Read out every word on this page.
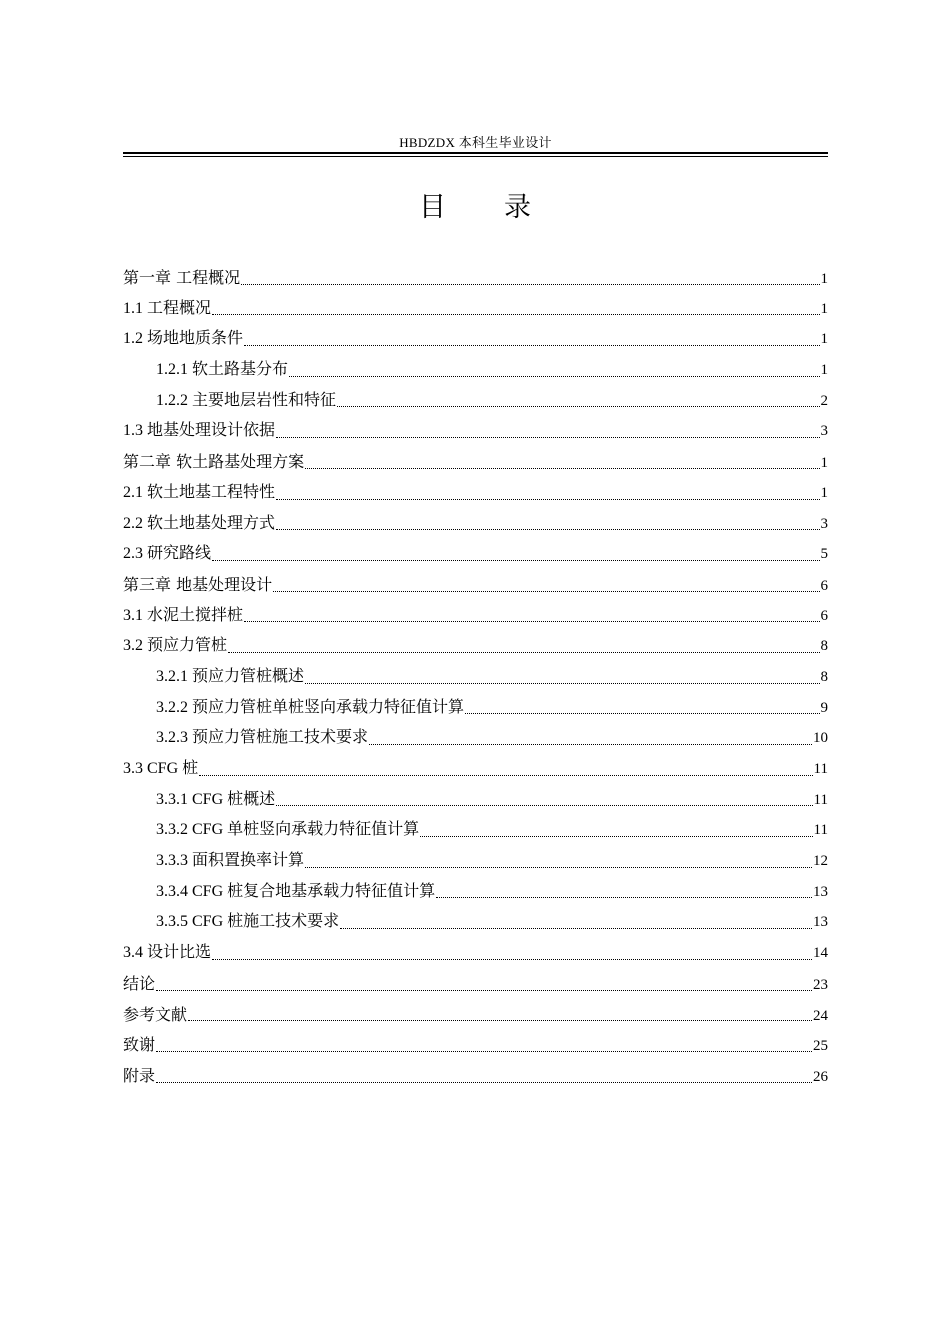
HBDZDX 本科生毕业设计
目录
第一章 工程概况	1
1.1 工程概况	1
1.2 场地地质条件	1
1.2.1 软土路基分布	1
1.2.2 主要地层岩性和特征	2
1.3 地基处理设计依据	3
第二章 软土路基处理方案	1
2.1 软土地基工程特性	1
2.2 软土地基处理方式	3
2.3 研究路线	5
第三章 地基处理设计	6
3.1 水泥土搅拌桩	6
3.2 预应力管桩	8
3.2.1 预应力管桩概述	8
3.2.2 预应力管桩单桩竖向承载力特征值计算	9
3.2.3 预应力管桩施工技术要求	10
3.3 CFG 桩	11
3.3.1 CFG 桩概述	11
3.3.2 CFG 单桩竖向承载力特征值计算	11
3.3.3 面积置换率计算	12
3.3.4 CFG 桩复合地基承载力特征值计算	13
3.3.5 CFG 桩施工技术要求	13
3.4 设计比选	14
结论	23
参考文献	24
致谢	25
附录	26
